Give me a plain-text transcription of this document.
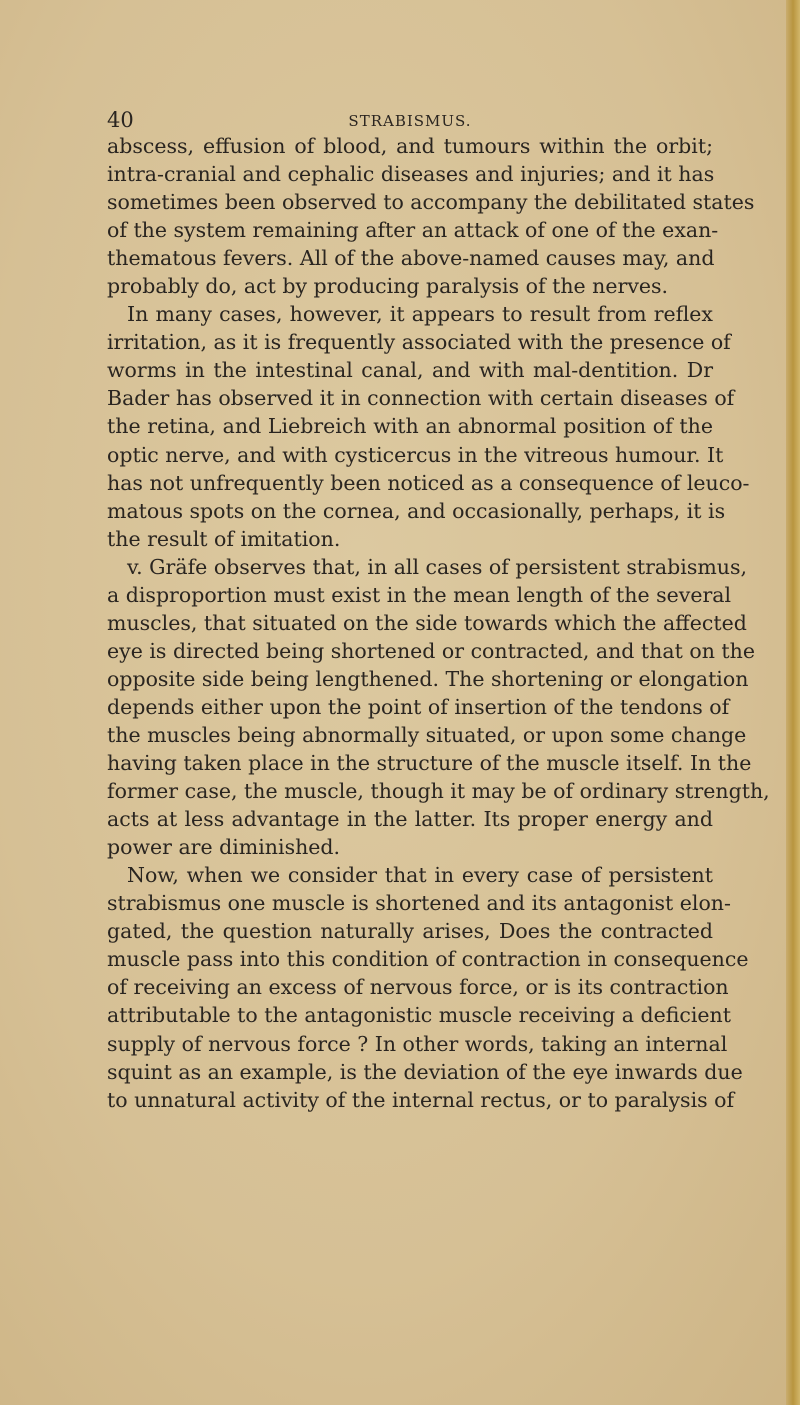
40	STRABISMUS.
abscess, effusion of blood, and tumours within the orbit;
intra-cranial and cephalic diseases and injuries; and it has
sometimes been observed to accompany the debilitated states
of the system remaining after an attack of one of the exan-
thematous fevers. All of the above-named causes may, and
probably do, act by producing paralysis of the nerves.
In many cases, however, it appears to result from reflex
irritation, as it is frequently associated with the presence of
worms in the intestinal canal, and with mal-dentition. Dr
Bader has observed it in connection with certain diseases of
the retina, and Liebreich with an abnormal position of the
optic nerve, and with cysticercus in the vitreous humour. It
has not unfrequently been noticed as a consequence of leuco-
matous spots on the cornea, and occasionally, perhaps, it is
the result of imitation.
v. Gräfe observes that, in all cases of persistent strabismus,
a disproportion must exist in the mean length of the several
muscles, that situated on the side towards which the affected
eye is directed being shortened or contracted, and that on the
opposite side being lengthened. The shortening or elongation
depends either upon the point of insertion of the tendons of
the muscles being abnormally situated, or upon some change
having taken place in the structure of the muscle itself. In the
former case, the muscle, though it may be of ordinary strength,
acts at less advantage in the latter. Its proper energy and
power are diminished.
Now, when we consider that in every case of persistent
strabismus one muscle is shortened and its antagonist elon-
gated, the question naturally arises, Does the contracted
muscle pass into this condition of contraction in consequence
of receiving an excess of nervous force, or is its contraction
attributable to the antagonistic muscle receiving a deficient
supply of nervous force ? In other words, taking an internal
squint as an example, is the deviation of the eye inwards due
to unnatural activity of the internal rectus, or to paralysis of
